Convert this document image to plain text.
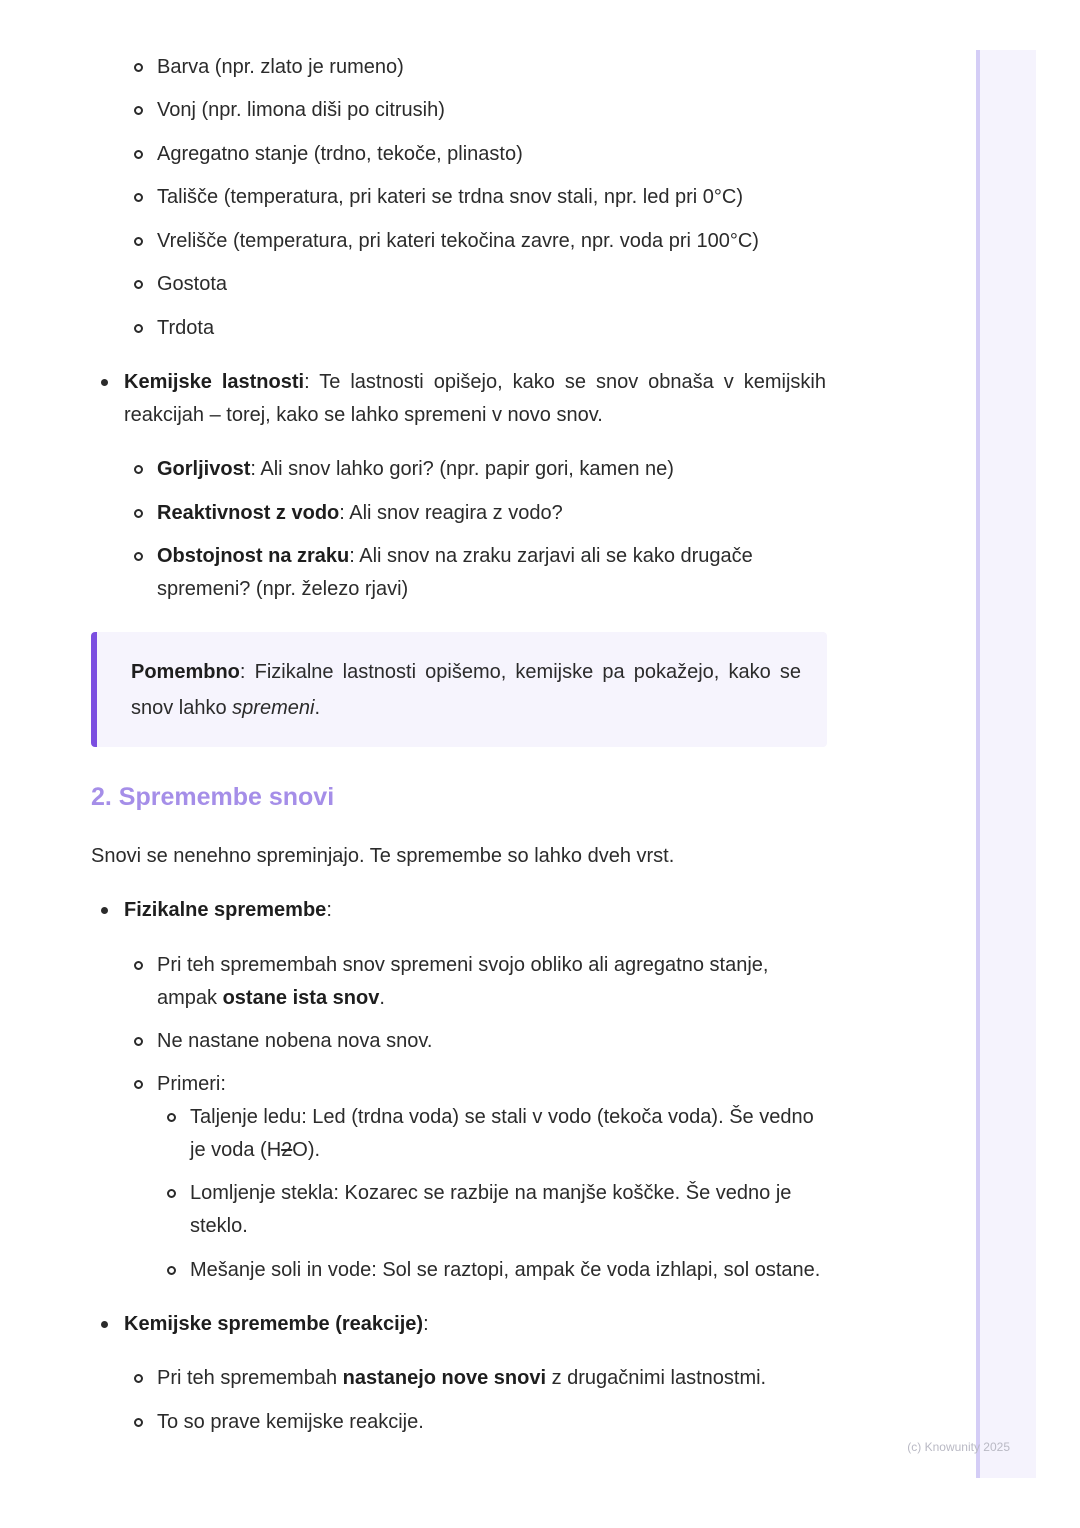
Barva (npr. zlato je rumeno)
Vonj (npr. limona diši po citrusih)
Agregatno stanje (trdno, tekoče, plinasto)
Tališče (temperatura, pri kateri se trdna snov stali, npr. led pri 0°C)
Vrelišče (temperatura, pri kateri tekočina zavre, npr. voda pri 100°C)
Gostota
Trdota
Kemijske lastnosti: Te lastnosti opišejo, kako se snov obnaša v kemijskih reakcijah – torej, kako se lahko spremeni v novo snov.
Gorljivost: Ali snov lahko gori? (npr. papir gori, kamen ne)
Reaktivnost z vodo: Ali snov reagira z vodo?
Obstojnost na zraku: Ali snov na zraku zarjavi ali se kako drugače spremeni? (npr. železo rjavi)
Pomembno: Fizikalne lastnosti opišemo, kemijske pa pokažejo, kako se snov lahko spremeni.
2. Spremembe snovi
Snovi se nenehno spreminjajo. Te spremembe so lahko dveh vrst.
Fizikalne spremembe:
Pri teh spremembah snov spremeni svojo obliko ali agregatno stanje, ampak ostane ista snov.
Ne nastane nobena nova snov.
Primeri:
Taljenje ledu: Led (trdna voda) se stali v vodo (tekoča voda). Še vedno je voda (H2O).
Lomljenje stekla: Kozarec se razbije na manjše koščke. Še vedno je steklo.
Mešanje soli in vode: Sol se raztopi, ampak če voda izhlapi, sol ostane.
Kemijske spremembe (reakcije):
Pri teh spremembah nastanejo nove snovi z drugačnimi lastnostmi.
To so prave kemijske reakcije.
(c) Knowunity 2025
